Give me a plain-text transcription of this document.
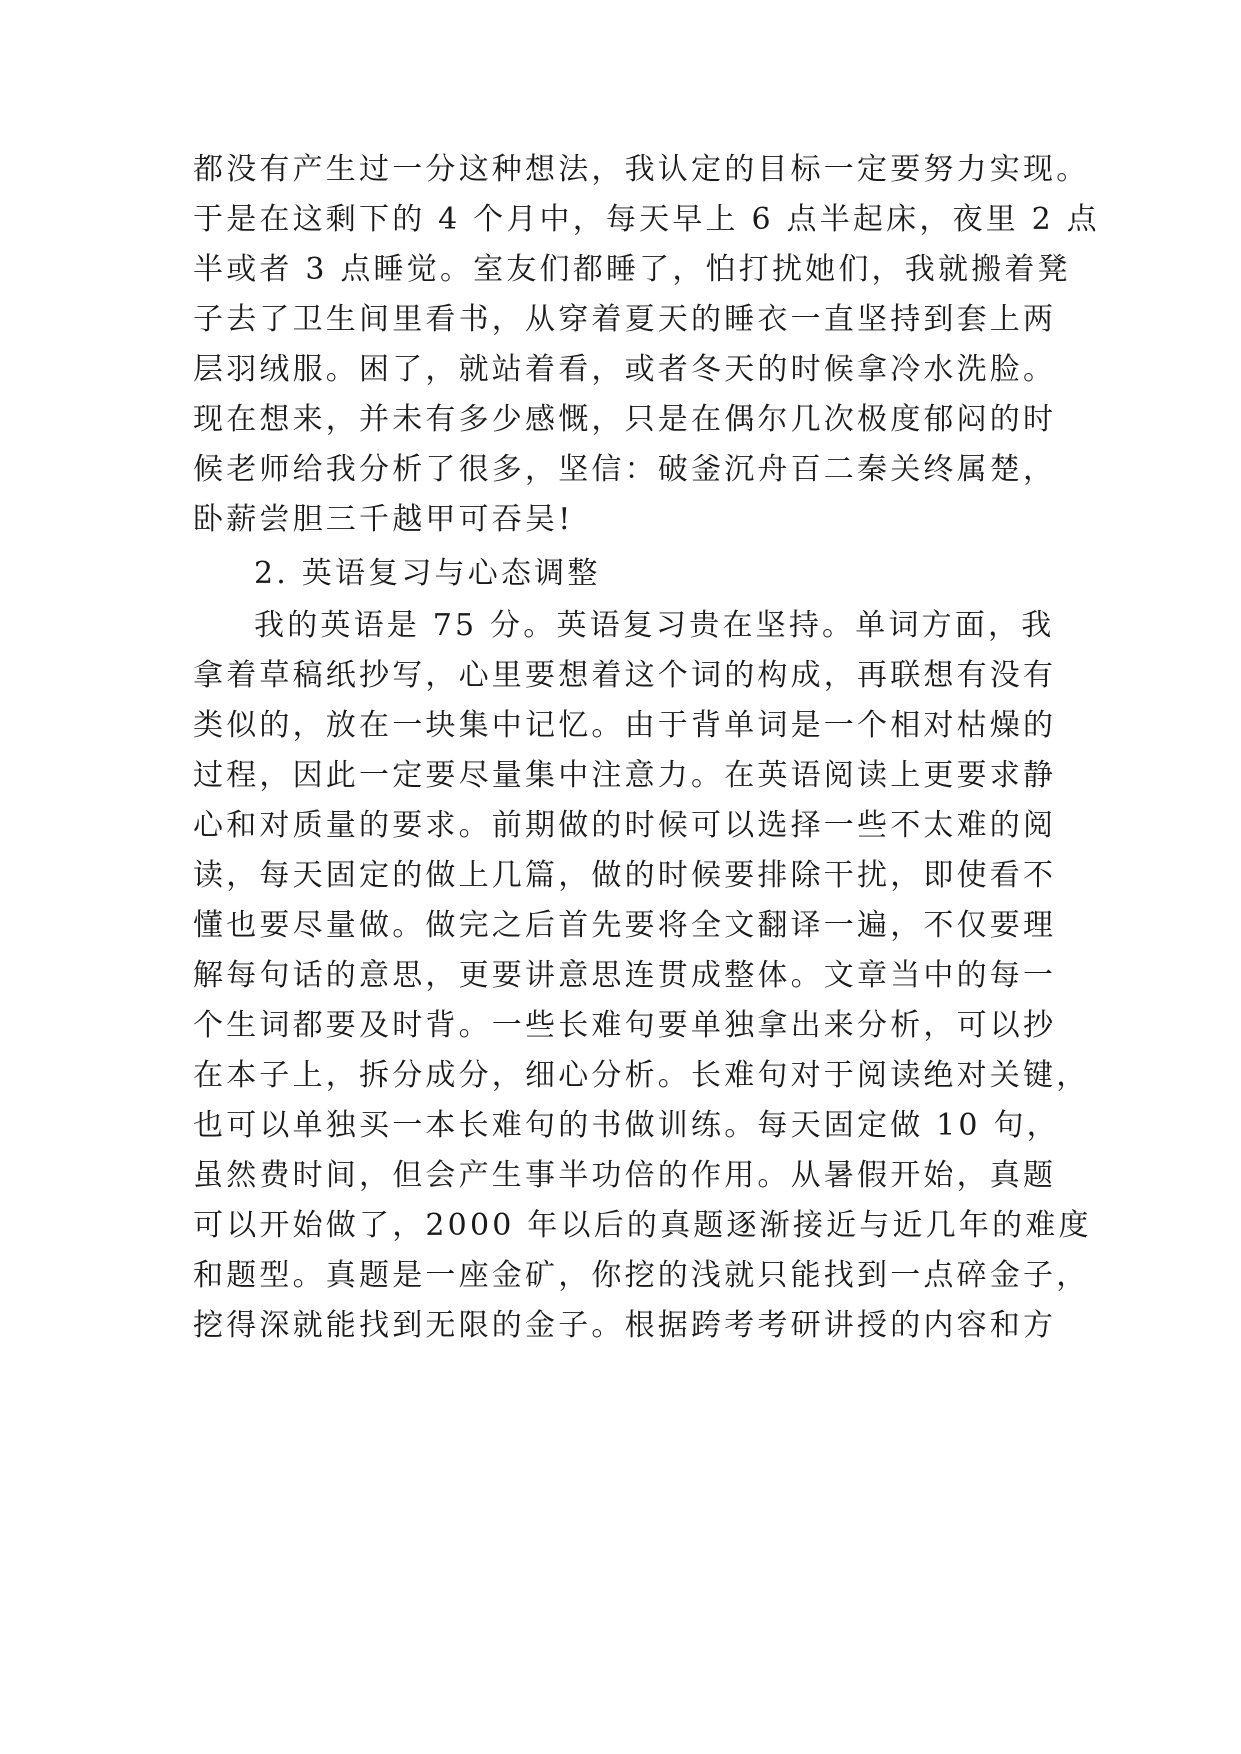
都没有产生过一分这种想法，我认定的目标一定要努力实现。
于是在这剩下的 4 个月中，每天早上 6 点半起床，夜里 2 点
半或者 3 点睡觉。室友们都睡了，怕打扰她们，我就搬着凳
子去了卫生间里看书，从穿着夏天的睡衣一直坚持到套上两
层羽绒服。困了，就站着看，或者冬天的时候拿冷水洗脸。
现在想来，并未有多少感慨，只是在偶尔几次极度郁闷的时
候老师给我分析了很多，坚信：破釜沉舟百二秦关终属楚，
卧薪尝胆三千越甲可吞吴!
2. 英语复习与心态调整
我的英语是 75 分。英语复习贵在坚持。单词方面，我
拿着草稿纸抄写，心里要想着这个词的构成，再联想有没有
类似的，放在一块集中记忆。由于背单词是一个相对枯燥的
过程，因此一定要尽量集中注意力。在英语阅读上更要求静
心和对质量的要求。前期做的时候可以选择一些不太难的阅
读，每天固定的做上几篇，做的时候要排除干扰，即使看不
懂也要尽量做。做完之后首先要将全文翻译一遍，不仅要理
解每句话的意思，更要讲意思连贯成整体。文章当中的每一
个生词都要及时背。一些长难句要单独拿出来分析，可以抄
在本子上，拆分成分，细心分析。长难句对于阅读绝对关键，
也可以单独买一本长难句的书做训练。每天固定做 10 句，
虽然费时间，但会产生事半功倍的作用。从暑假开始，真题
可以开始做了，2000 年以后的真题逐渐接近与近几年的难度
和题型。真题是一座金矿，你挖的浅就只能找到一点碎金子，
挖得深就能找到无限的金子。根据跨考考研讲授的内容和方
